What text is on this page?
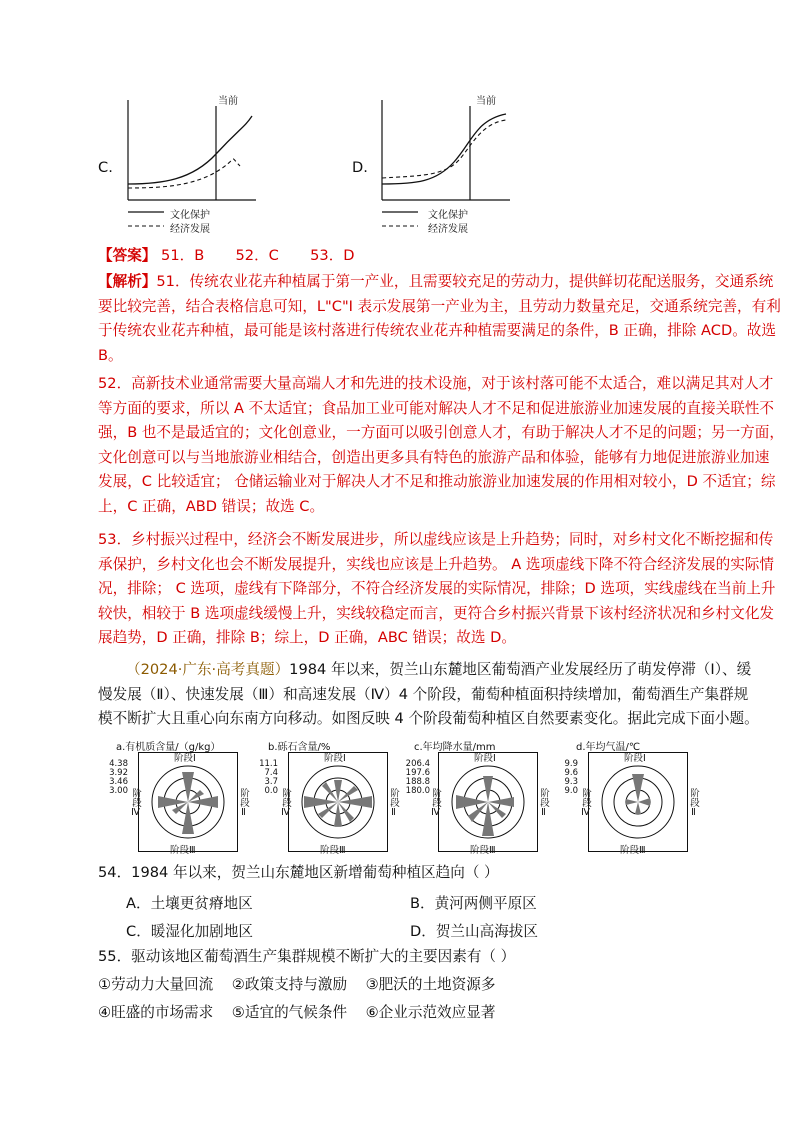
C.
当前
文化保护
经济发展
D.
当前
文化保护
经济发展
【答案】 51．B 52．C 53．D
【解析】51．传统农业花卉种植属于第一产业，且需要较充足的劳动力，提供鲜切花配送服务，交通系统
要比较完善，结合表格信息可知，L"C"I 表示发展第一产业为主，且劳动力数量充足，交通系统完善，有利
于传统农业花卉种植，最可能是该村落进行传统农业花卉种植需要满足的条件，B 正确，排除 ACD。故选
B。
52．高新技术业通常需要大量高端人才和先进的技术设施，对于该村落可能不太适合，难以满足其对人才
等方面的要求，所以 A 不太适宜；食品加工业可能对解决人才不足和促进旅游业加速发展的直接关联性不
强，B 也不是最适宜的；文化创意业，一方面可以吸引创意人才，有助于解决人才不足的问题；另一方面，
文化创意可以与当地旅游业相结合，创造出更多具有特色的旅游产品和体验，能够有力地促进旅游业加速
发展，C 比较适宜； 仓储运输业对于解决人才不足和推动旅游业加速发展的作用相对较小，D 不适宜；综
上，C 正确，ABD 错误；故选 C。
53．乡村振兴过程中，经济会不断发展进步，所以虚线应该是上升趋势；同时，对乡村文化不断挖掘和传
承保护，乡村文化也会不断发展提升，实线也应该是上升趋势。 A 选项虚线下降不符合经济发展的实际情
况，排除； C 选项，虚线有下降部分，不符合经济发展的实际情况，排除；D 选项，实线虚线在当前上升
较快，相较于 B 选项虚线缓慢上升，实线较稳定而言，更符合乡村振兴背景下该村经济状况和乡村文化发
展趋势，D 正确，排除 B；综上，D 正确，ABC 错误；故选 D。
（2024·广东·高考真题）1984 年以来，贺兰山东麓地区葡萄酒产业发展经历了萌发停滞（Ⅰ）、缓
慢发展（Ⅱ）、快速发展（Ⅲ）和高速发展（Ⅳ）4 个阶段，葡萄种植面积持续增加，葡萄酒生产集群规
模不断扩大且重心向东南方向移动。如图反映 4 个阶段葡萄种植区自然要素变化。据此完成下面小题。
a.有机质含量/（g/kg）
4.38
3.92
3.46
3.00
阶段Ⅰ
阶段Ⅲ
阶段Ⅳ	阶段Ⅱ
b.砾石含量/%
11.1
7.4
3.7
0.0
阶段Ⅰ
阶段Ⅲ
阶段Ⅳ	阶段Ⅱ
c.年均降水量/mm
206.4
197.6
188.8
180.0
阶段Ⅰ
阶段Ⅲ
阶段Ⅳ	阶段Ⅱ
d.年均气温/℃
9.9
9.6
9.3
9.0
阶段Ⅰ
阶段Ⅲ
阶段Ⅳ	阶段Ⅱ
54．1984 年以来，贺兰山东麓地区新增葡萄种植区趋向（ ）
A．土壤更贫瘠地区	B．黄河两侧平原区
C．暖湿化加剧地区	D．贺兰山高海拔区
55．驱动该地区葡萄酒生产集群规模不断扩大的主要因素有（ ）
①劳动力大量回流    ②政策支持与激励    ③肥沃的土地资源多
④旺盛的市场需求    ⑤适宜的气候条件    ⑥企业示范效应显著
